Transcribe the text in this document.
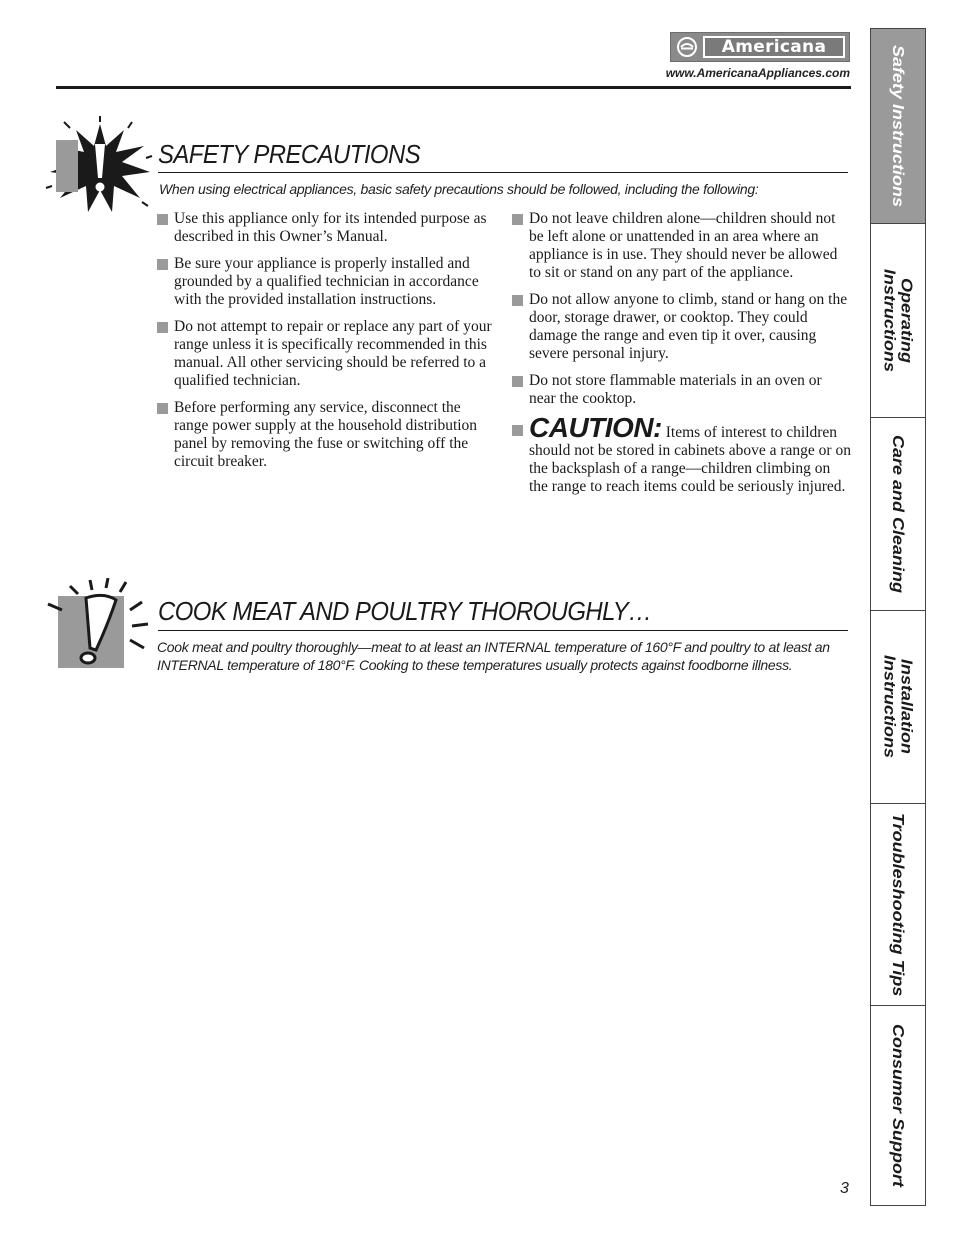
Americana
www.AmericanaAppliances.com Safety Instructions
Operating
Instructions
Care and Cleaning
Installation
Instructions
Troubleshooting Tips
Consumer Support
SAFETY PRECAUTIONS
When using electrical appliances, basic safety precautions should be followed, including the following:
Use this appliance only for its intended purpose as described in this Owner’s Manual.
Be sure your appliance is properly installed and grounded by a qualified technician in accordance with the provided installation instructions.
Do not attempt to repair or replace any part of your range unless it is specifically recommended in this manual. All other servicing should be referred to a qualified technician.
Before performing any service, disconnect the range power supply at the household distribution panel by removing the fuse or switching off the circuit breaker.
Do not leave children alone—children should not be left alone or unattended in an area where an appliance is in use. They should never be allowed to sit or stand on any part of the appliance.
Do not allow anyone to climb, stand or hang on the door, storage drawer, or cooktop. They could damage the range and even tip it over, causing severe personal injury.
Do not store flammable materials in an oven or near the cooktop.
CAUTION: Items of interest to children should not be stored in cabinets above a range or on the backsplash of a range—children climbing on the range to reach items could be seriously injured.
COOK MEAT AND POULTRY THOROUGHLY…
Cook meat and poultry thoroughly—meat to at least an INTERNAL temperature of 160°F and poultry to at least an INTERNAL temperature of 180°F. Cooking to these temperatures usually protects against foodborne illness.
3
